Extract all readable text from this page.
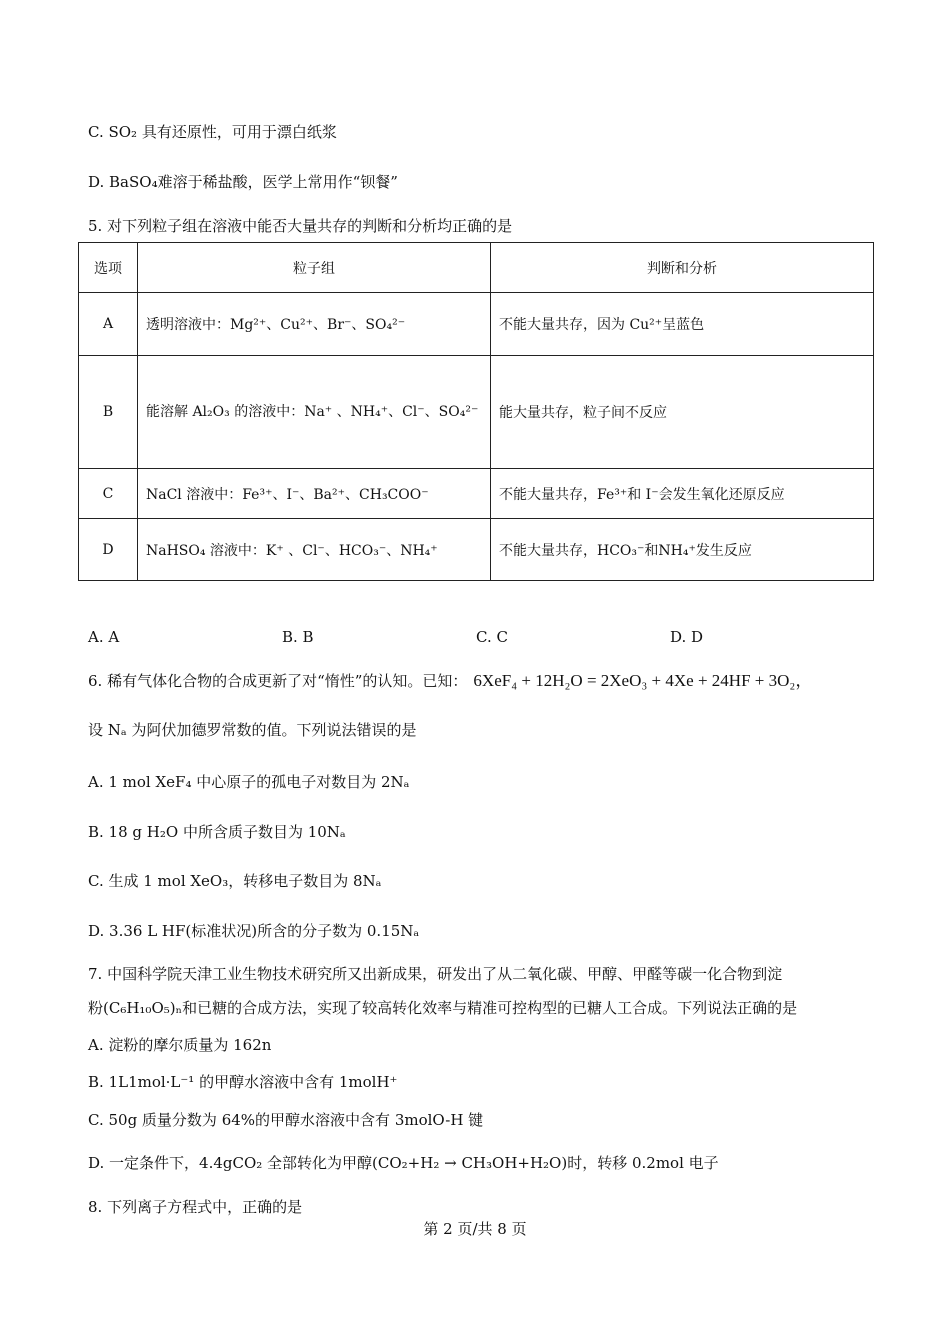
C. SO₂ 具有还原性，可用于漂白纸浆
D. BaSO₄难溶于稀盐酸，医学上常用作“钡餐”
5. 对下列粒子组在溶液中能否大量共存的判断和分析均正确的是
选项	粒子组	判断和分析
A	透明溶液中：Mg²⁺、Cu²⁺、Br⁻、SO₄²⁻	不能大量共存，因为 Cu²⁺呈蓝色
B	能溶解 Al₂O₃ 的溶液中：Na⁺ 、NH₄⁺、Cl⁻、SO₄²⁻	能大量共存，粒子间不反应
C	NaCl 溶液中：Fe³⁺、I⁻、Ba²⁺、CH₃COO⁻	不能大量共存，Fe³⁺和 I⁻会发生氧化还原反应
D	NaHSO₄ 溶液中：K⁺ 、Cl⁻、HCO₃⁻、NH₄⁺	不能大量共存，HCO₃⁻和NH₄⁺发生反应
A. A	B. B	C. C	D. D
6. 稀有气体化合物的合成更新了对“惰性”的认知。已知： 6XeF₄ + 12H₂O = 2XeO₃ + 4Xe + 24HF + 3O₂，
设 Nₐ 为阿伏加德罗常数的值。下列说法错误的是
A. 1 mol XeF₄ 中心原子的孤电子对数目为 2Nₐ
B. 18 g H₂O 中所含质子数目为 10Nₐ
C. 生成 1 mol XeO₃，转移电子数目为 8Nₐ
D. 3.36 L HF(标准状况)所含的分子数为 0.15Nₐ
7. 中国科学院天津工业生物技术研究所又出新成果，研发出了从二氧化碳、甲醇、甲醛等碳一化合物到淀
粉(C₆H₁₀O₅)ₙ和已糖的合成方法，实现了较高转化效率与精准可控构型的已糖人工合成。下列说法正确的是
A. 淀粉的摩尔质量为 162n
B. 1L1mol·L⁻¹ 的甲醇水溶液中含有 1molH⁺
C. 50g 质量分数为 64%的甲醇水溶液中含有 3molO-H 键
D. 一定条件下，4.4gCO₂ 全部转化为甲醇(CO₂+H₂ → CH₃OH+H₂O)时，转移 0.2mol 电子
8. 下列离子方程式中，正确的是
第 2 页/共 8 页
